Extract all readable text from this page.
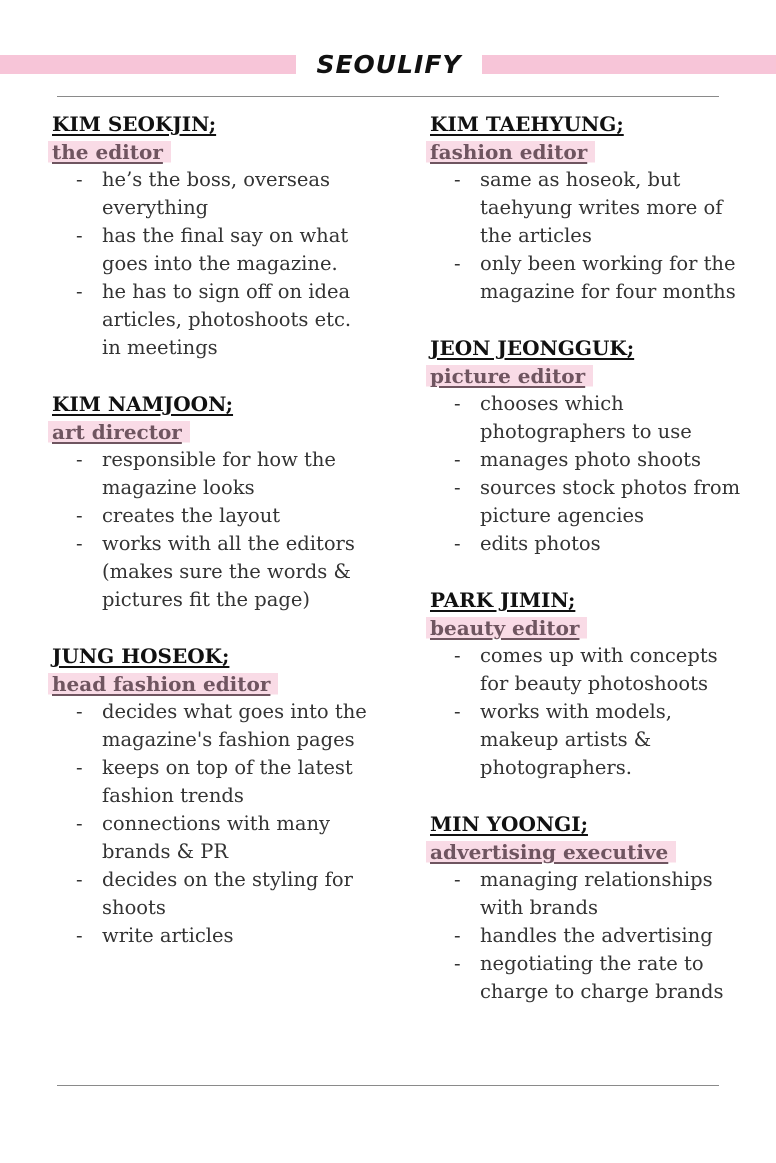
SEOULIFY
KIM SEOKJIN;
the editor
- he’s the boss, overseas everything
- has the final say on what goes into the magazine.
- he has to sign off on idea articles, photoshoots etc. in meetings
KIM NAMJOON;
art director
- responsible for how the magazine looks
- creates the layout
- works with all the editors (makes sure the words & pictures fit the page)
JUNG HOSEOK;
head fashion editor
- decides what goes into the magazine's fashion pages
- keeps on top of the latest fashion trends
- connections with many brands & PR
- decides on the styling for shoots
- write articles
KIM TAEHYUNG;
fashion editor
- same as hoseok, but taehyung writes more of the articles
- only been working for the magazine for four months
JEON JEONGGUK;
picture editor
- chooses which photographers to use
- manages photo shoots
- sources stock photos from picture agencies
- edits photos
PARK JIMIN;
beauty editor
- comes up with concepts for beauty photoshoots
- works with models, makeup artists & photographers.
MIN YOONGI;
advertising executive
- managing relationships with brands
- handles the advertising
- negotiating the rate to charge to charge brands
